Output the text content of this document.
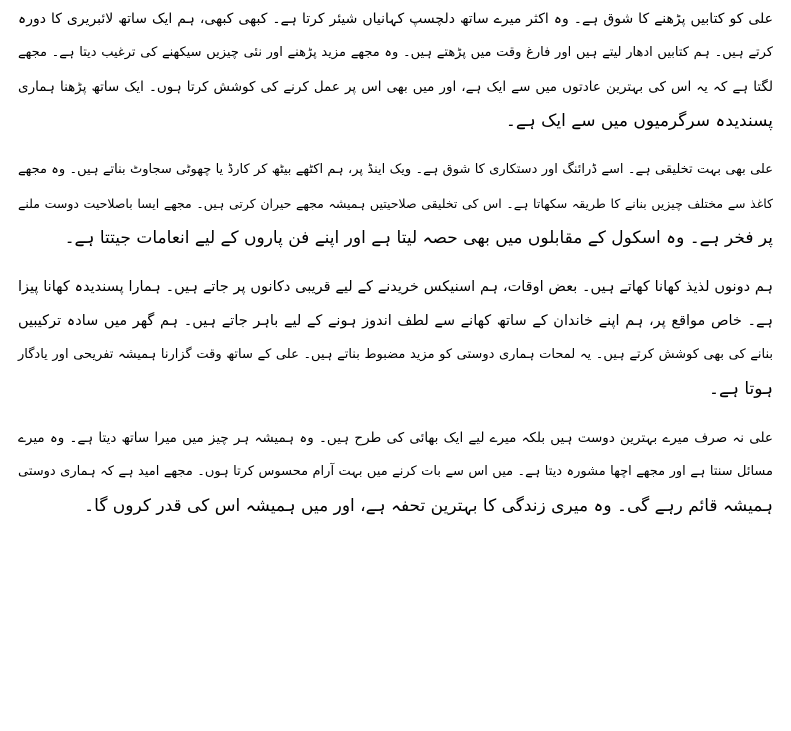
علی کو کتابیں پڑھنے کا شوق ہے۔ وہ اکثر میرے ساتھ دلچسپ کہانیاں شیئر کرتا ہے۔ کبھی کبھی، ہم ایک ساتھ لائبریری کا دورہ
کرتے ہیں۔ ہم کتابیں ادھار لیتے ہیں اور فارغ وقت میں پڑھتے ہیں۔ وہ مجھے مزید پڑھنے اور نئی چیزیں سیکھنے کی ترغیب دیتا ہے۔ مجھے
لگتا ہے کہ یہ اس کی بہترین عادتوں میں سے ایک ہے، اور میں بھی اس پر عمل کرنے کی کوشش کرتا ہوں۔ ایک ساتھ پڑھنا ہماری
پسندیدہ سرگرمیوں میں سے ایک ہے۔
علی بھی بہت تخلیقی ہے۔ اسے ڈرائنگ اور دستکاری کا شوق ہے۔ ویک اینڈ پر، ہم اکٹھے بیٹھ کر کارڈ یا چھوٹی سجاوٹ بناتے ہیں۔ وہ مجھے
کاغذ سے مختلف چیزیں بنانے کا طریقہ سکھاتا ہے۔ اس کی تخلیقی صلاحیتیں ہمیشہ مجھے حیران کرتی ہیں۔ مجھے ایسا باصلاحیت دوست ملنے
پر فخر ہے۔ وہ اسکول کے مقابلوں میں بھی حصہ لیتا ہے اور اپنے فن پاروں کے لیے انعامات جیتتا ہے۔
ہم دونوں لذیذ کھانا کھاتے ہیں۔ بعض اوقات، ہم اسنیکس خریدنے کے لیے قریبی دکانوں پر جاتے ہیں۔ ہمارا پسندیدہ کھانا پیزا
ہے۔ خاص مواقع پر، ہم اپنے خاندان کے ساتھ کھانے سے لطف اندوز ہونے کے لیے باہر جاتے ہیں۔ ہم گھر میں سادہ ترکیبیں
بنانے کی بھی کوشش کرتے ہیں۔ یہ لمحات ہماری دوستی کو مزید مضبوط بناتے ہیں۔ علی کے ساتھ وقت گزارنا ہمیشہ تفریحی اور یادگار
ہوتا ہے۔
علی نہ صرف میرے بہترین دوست ہیں بلکہ میرے لیے ایک بھائی کی طرح ہیں۔ وہ ہمیشہ ہر چیز میں میرا ساتھ دیتا ہے۔ وہ میرے
مسائل سنتا ہے اور مجھے اچھا مشورہ دیتا ہے۔ میں اس سے بات کرنے میں بہت آرام محسوس کرتا ہوں۔ مجھے امید ہے کہ ہماری دوستی
ہمیشہ قائم رہے گی۔ وہ میری زندگی کا بہترین تحفہ ہے، اور میں ہمیشہ اس کی قدر کروں گا۔
